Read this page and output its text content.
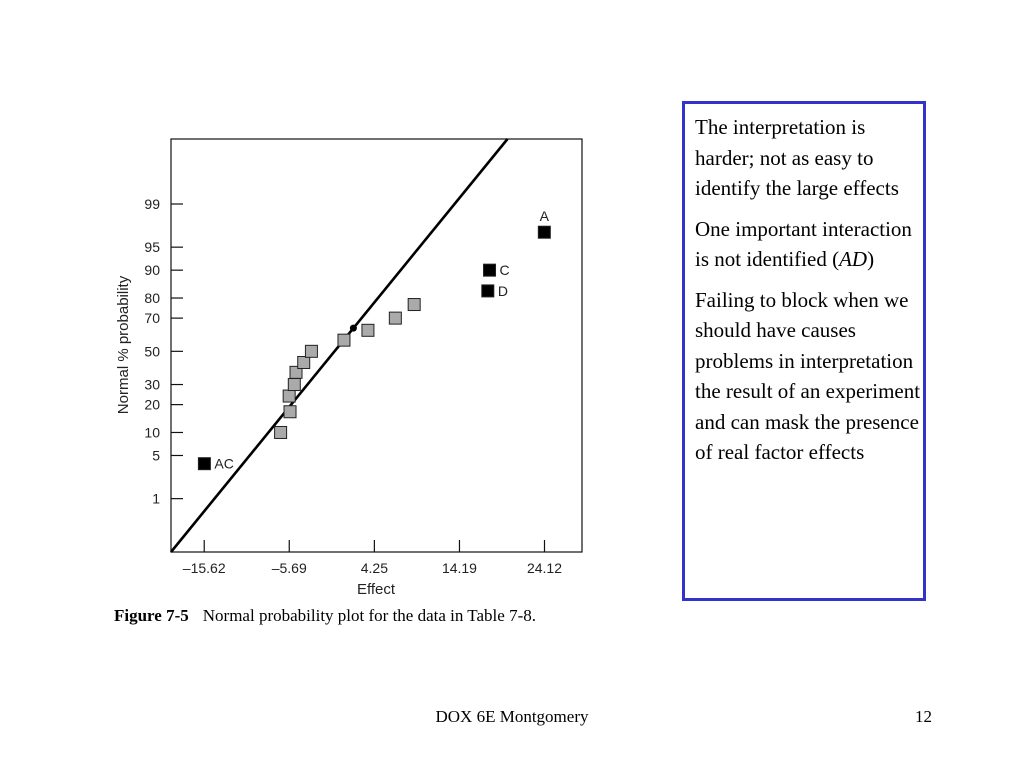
1
5
10
20
30
50
70
80
90
95
99
–15.62	–5.69	4.25	14.19	24.12
AC
D
C
A
Normal % probability
Effect
Figure 7-5 Normal probability plot for the data in Table 7-8.

The interpretation is harder; not as easy to identify the large effects

One important interaction is not identified (AD)

Failing to block when we should have causes problems in interpretation the result of an experiment and can mask the presence of real factor effects

DOX 6E Montgomery	12
